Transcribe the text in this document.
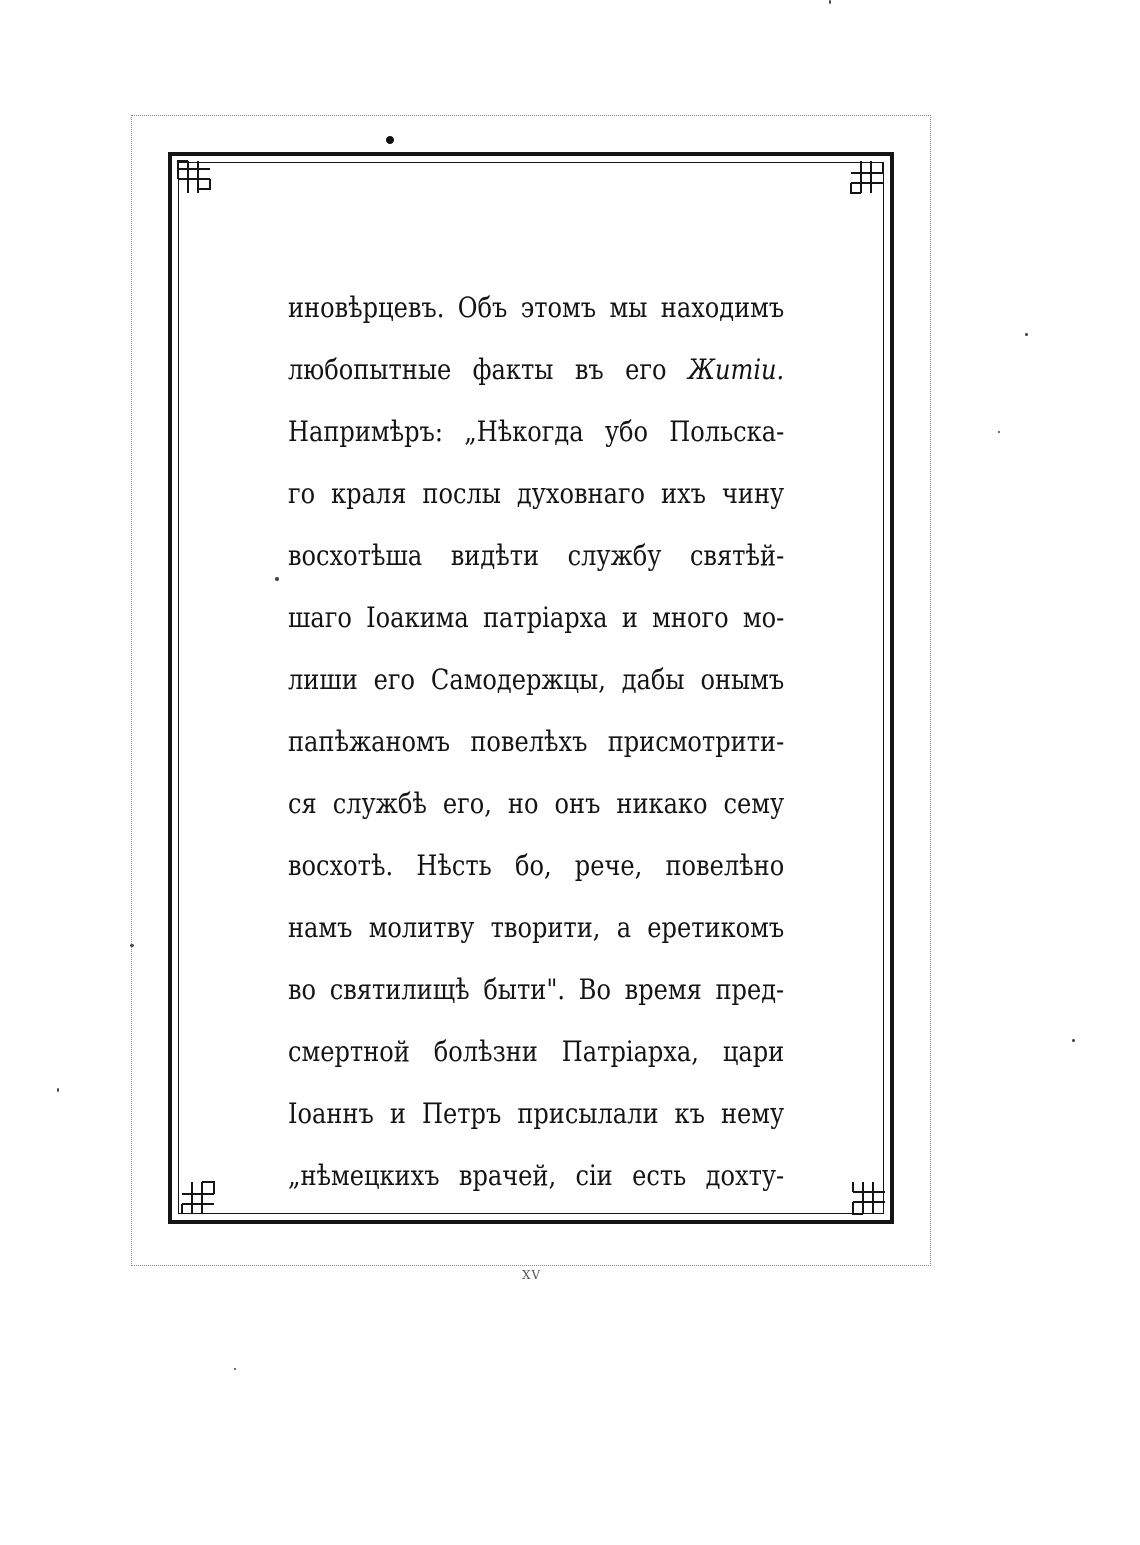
иновѣрцевъ. Объ этомъ мы находимъ
любопытные факты въ его Житіи.
Напримѣръ: „Нѣкогда убо Польска-
го краля послы духовнаго ихъ чину
восхотѣша видѣти службу святѣй-
шаго Іоакима патріарха и много мо-
лиши его Самодержцы, дабы онымъ
папѣжаномъ повелѣхъ присмотрити-
ся службѣ его, но онъ никако сему
восхотѣ. Нѣсть бо, рече, повелѣно
намъ молитву творити, а еретикомъ
во святилищѣ быти". Во время пред-
смертной болѣзни Патріарха, цари
Іоаннъ и Петръ присылали къ нему
„нѣмецкихъ врачей, сіи есть дохту-
XV
